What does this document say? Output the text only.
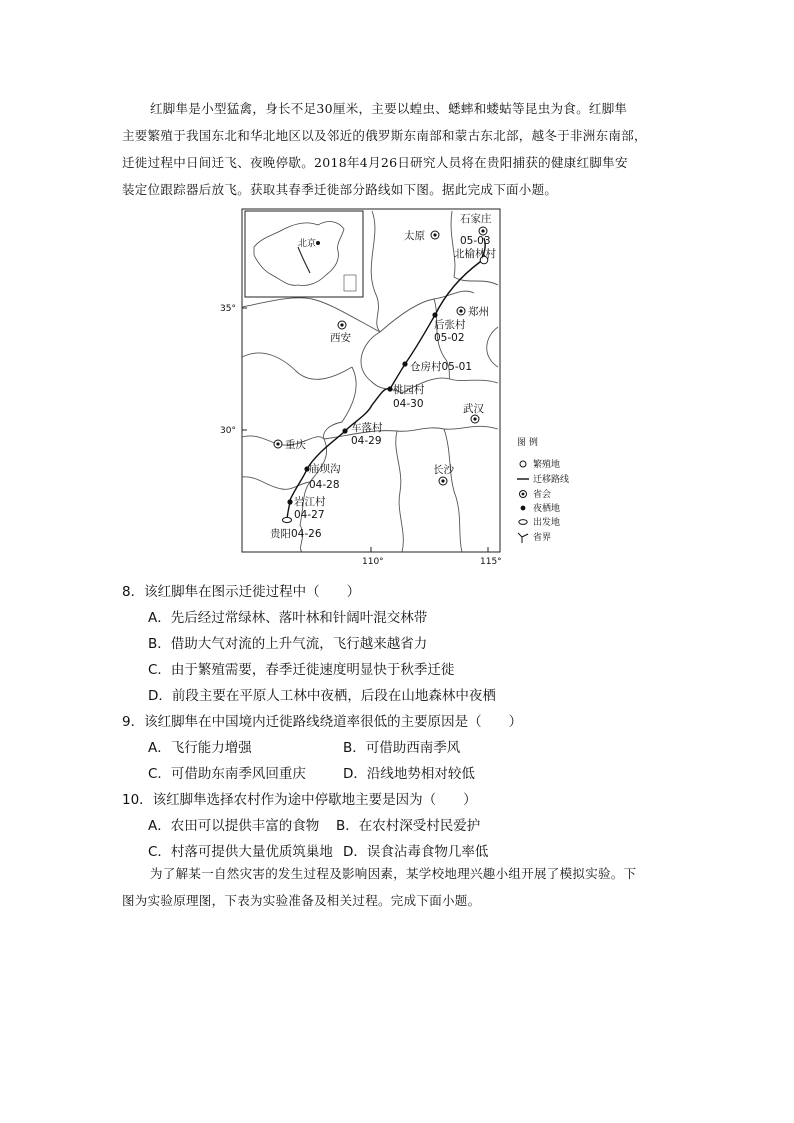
红脚隼是小型猛禽，身长不足30厘米，主要以蝗虫、蟋蟀和蝼蛄等昆虫为食。红脚隼
主要繁殖于我国东北和华北地区以及邻近的俄罗斯东南部和蒙古东北部，越冬于非洲东南部，
迁徙过程中日间迁飞、夜晚停歇。2018年4月26日研究人员将在贵阳捕获的健康红脚隼安
装定位跟踪器后放飞。获取其春季迁徙部分路线如下图。据此完成下面小题。
35°
30°
110°	115°
北京
太原
石家庄
郑州
西安
武汉
重庆
长沙
贵阳04-26
岩江村
04-27
庙坝沟
04-28
车落村
04-29
桃园村
04-30
仓房村05-01
后张村
05-02
北榆林村
05-03
图 例
繁殖地
迁移路线
省会
夜栖地
出发地
省界
8．该红脚隼在图示迁徙过程中（　　）
A．先后经过常绿林、落叶林和针阔叶混交林带
B．借助大气对流的上升气流，飞行越来越省力
C．由于繁殖需要，春季迁徙速度明显快于秋季迁徙
D．前段主要在平原人工林中夜栖，后段在山地森林中夜栖
9．该红脚隼在中国境内迁徙路线绕道率很低的主要原因是（　　）
A．飞行能力增强	B．可借助西南季风
C．可借助东南季风回重庆	D．沿线地势相对较低
10．该红脚隼选择农村作为途中停歇地主要是因为（　　）
A．农田可以提供丰富的食物 B．在农村深受村民爱护
C．村落可提供大量优质筑巢地 D．误食沾毒食物几率低
为了解某一自然灾害的发生过程及影响因素，某学校地理兴趣小组开展了模拟实验。下
图为实验原理图，下表为实验准备及相关过程。完成下面小题。
